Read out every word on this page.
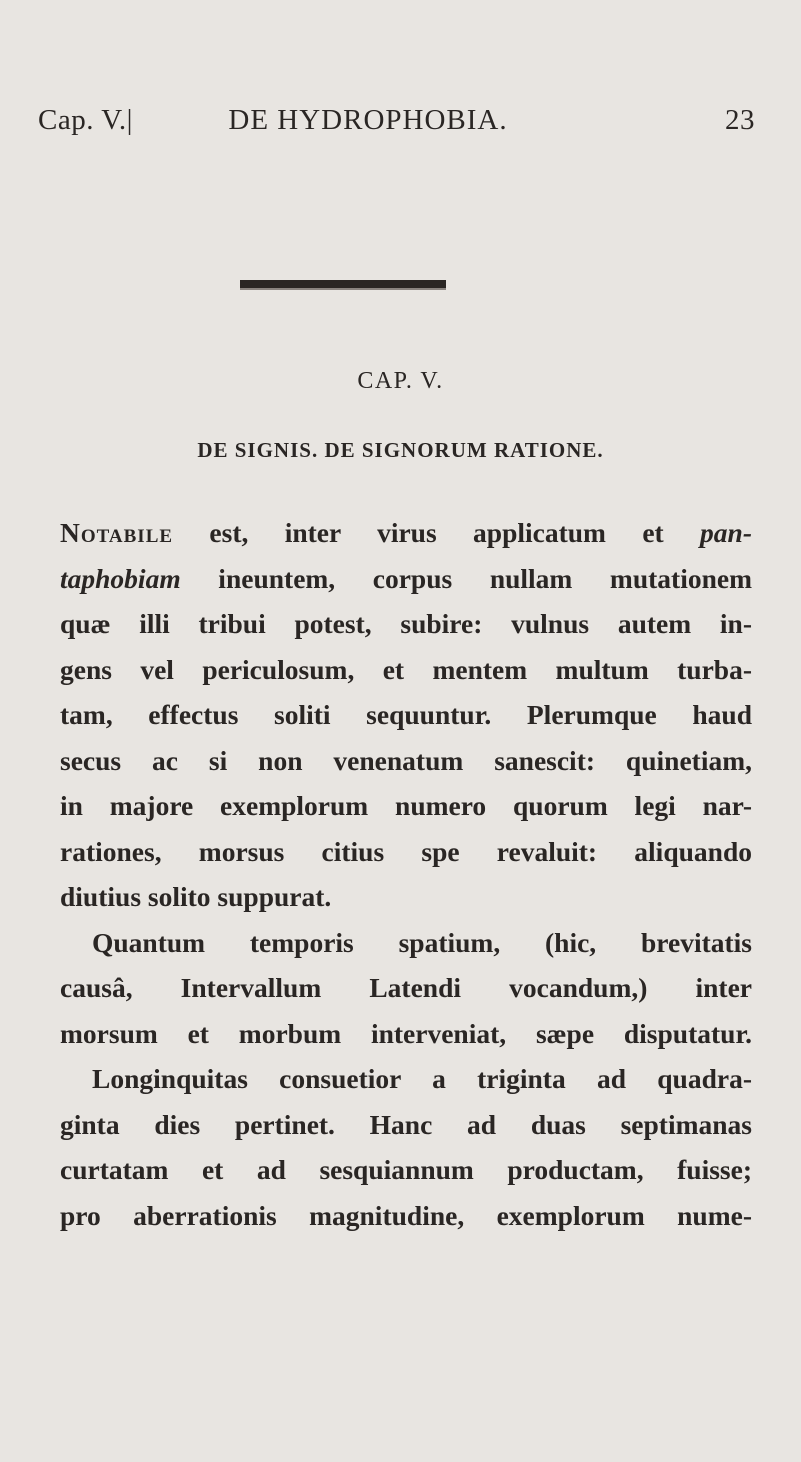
Cap. V.|	DE HYDROPHOBIA.	23
CAP. V.
DE SIGNIS. DE SIGNORUM RATIONE.
Notabile est, inter virus applicatum et pan-
taphobiam ineuntem, corpus nullam mutationem
quæ illi tribui potest, subire: vulnus autem in-
gens vel periculosum, et mentem multum turba-
tam, effectus soliti sequuntur. Plerumque haud
secus ac si non venenatum sanescit: quinetiam,
in majore exemplorum numero quorum legi nar-
rationes, morsus citius spe revaluit: aliquando
diutius solito suppurat.
Quantum temporis spatium, (hic, brevitatis
causâ, Intervallum Latendi vocandum,) inter
morsum et morbum interveniat, sæpe disputatur.
Longinquitas consuetior a triginta ad quadra-
ginta dies pertinet. Hanc ad duas septimanas
curtatam et ad sesquiannum productam, fuisse;
pro aberrationis magnitudine, exemplorum nume-
